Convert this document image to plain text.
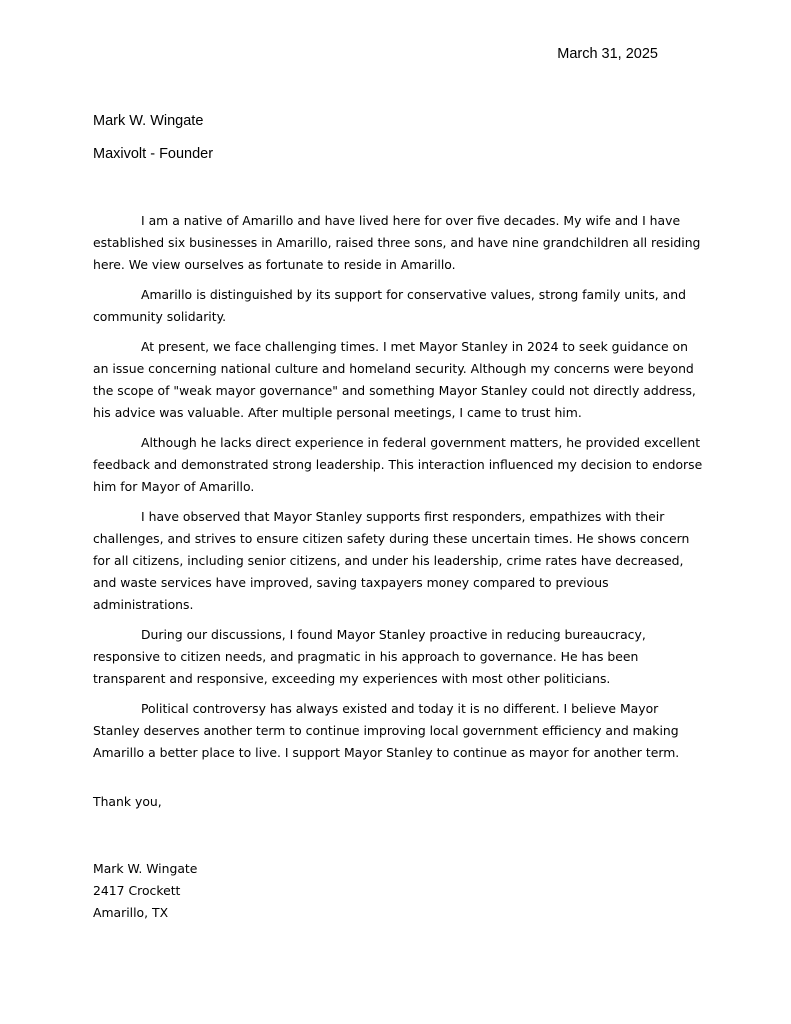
March 31, 2025

Mark W. Wingate

Maxivolt - Founder

I am a native of Amarillo and have lived here for over five decades. My wife and I have established six businesses in Amarillo, raised three sons, and have nine grandchildren all residing here. We view ourselves as fortunate to reside in Amarillo.

Amarillo is distinguished by its support for conservative values, strong family units, and community solidarity.

At present, we face challenging times. I met Mayor Stanley in 2024 to seek guidance on an issue concerning national culture and homeland security. Although my concerns were beyond the scope of "weak mayor governance" and something Mayor Stanley could not directly address, his advice was valuable. After multiple personal meetings, I came to trust him.

Although he lacks direct experience in federal government matters, he provided excellent feedback and demonstrated strong leadership. This interaction influenced my decision to endorse him for Mayor of Amarillo.

I have observed that Mayor Stanley supports first responders, empathizes with their challenges, and strives to ensure citizen safety during these uncertain times. He shows concern for all citizens, including senior citizens, and under his leadership, crime rates have decreased, and waste services have improved, saving taxpayers money compared to previous administrations.

During our discussions, I found Mayor Stanley proactive in reducing bureaucracy, responsive to citizen needs, and pragmatic in his approach to governance. He has been transparent and responsive, exceeding my experiences with most other politicians.

Political controversy has always existed and today it is no different. I believe Mayor Stanley deserves another term to continue improving local government efficiency and making Amarillo a better place to live. I support Mayor Stanley to continue as mayor for another term.

Thank you,

Mark W. Wingate
2417 Crockett
Amarillo, TX
